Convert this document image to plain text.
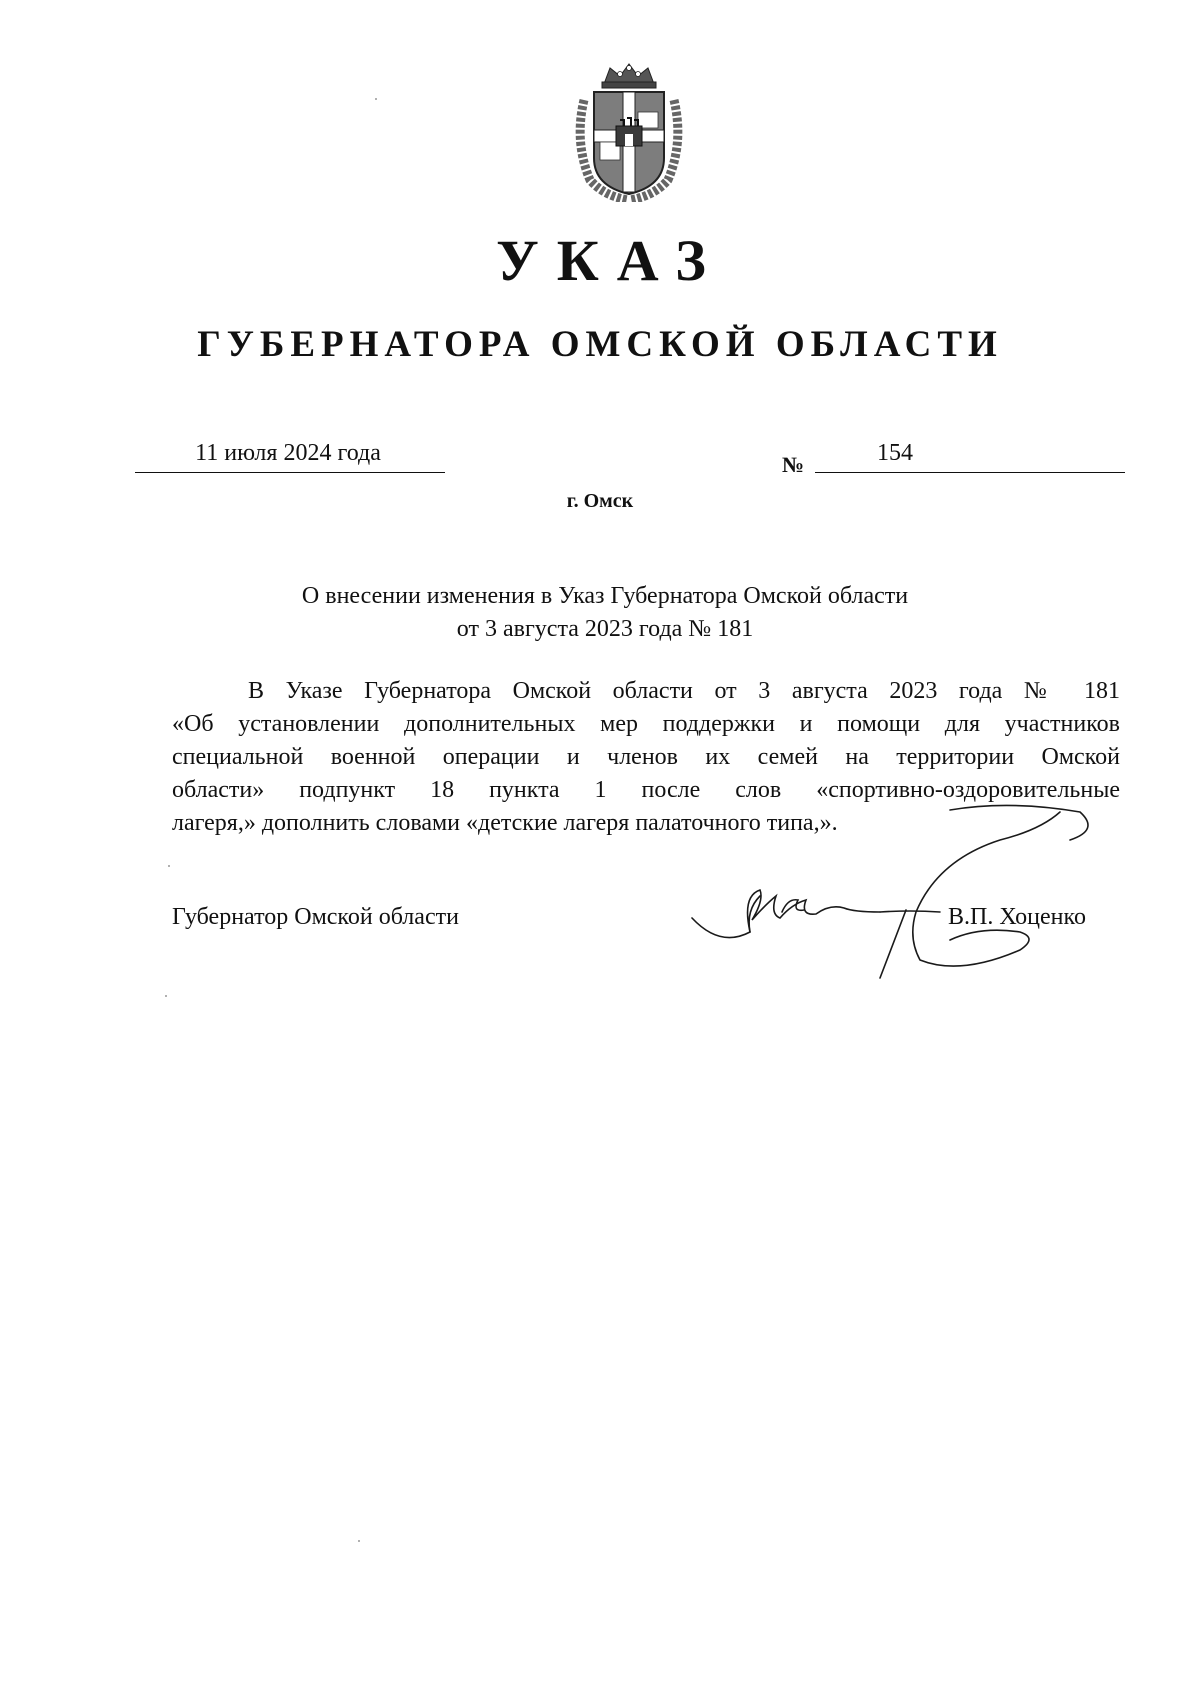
УКАЗ
ГУБЕРНАТОРА ОМСКОЙ ОБЛАСТИ
11 июля 2024 года	№	154
г. Омск
О внесении изменения в Указ Губернатора Омской области
от 3 августа 2023 года № 181
В Указе Губернатора Омской области от 3 августа 2023 года № 181
«Об установлении дополнительных мер поддержки и помощи для участников
специальной военной операции и членов их семей на территории Омской
области» подпункт 18 пункта 1 после слов «спортивно-оздоровительные
лагеря,» дополнить словами «детские лагеря палаточного типа,».
Губернатор Омской области	В.П. Хоценко
